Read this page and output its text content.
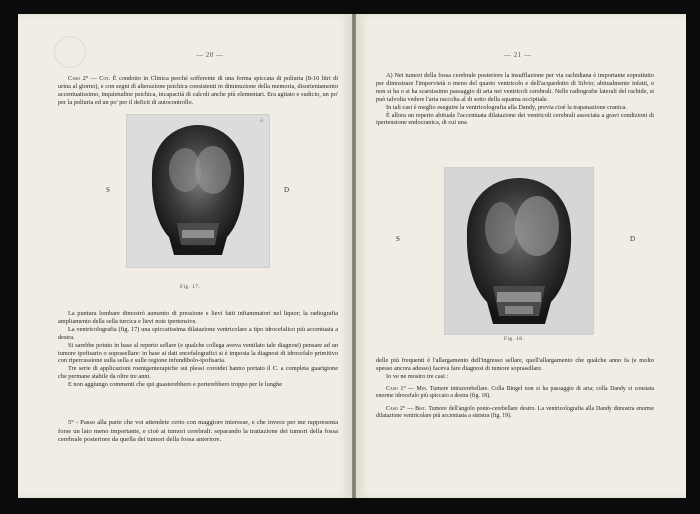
— 20 —

Caso 2° — Cot. È condotto in Clinica perchè sofferente di una forma spiccata di poliuria (8-10 litri di urina al giorno), e con segni di alterazione psichica consistenti in diminuzione della memoria, disorientamento accentuatissimo, inquietudine psichica, incapacità di calcoli anche più elementari. Era agitato e sudicio, un po' per la poliuria ed un po' per il deficit di autocontrollo.

ii
S	D
Fig. 17.

La puntura lombare dimostrò aumento di pressione e lievi fatti infiammatori nel liquor; la radiografia ampliamento della sella turcica e lievi note ipertensive.

La ventricolografia (fig. 17) una spiccatissima dilatazione ventricolare a tipo idrocefalico più accentuata a destra.

Si sarebbe potuto in base al reperto sellare (e qualche collega aveva ventilato tale diagnosi) pensare ad un tumore ipofisario o soprasellare: in base ai dati encefalografici si è imposta la diagnosi di idrocefalo primitivo con ripercussione sulla sella e sulle regione infundibolo-ipofisaria.

Tre serie di applicazioni roentgenterapiche sui plessi coroidei hanno portato il C. a completa guarigione che permane stabile da oltre tre anni.

E non aggiungo commenti che qui guasterebbero e porterebbero troppo per le lunghe

5° - Passo alla parte che voi attendete certo con maggiore interesse, e che invece per me rappresenta forse un lato meno importante, e cioè ai tumori cerebrali: separando la trattazione dei tumori della fossa cerebrale posteriore da quella dei tumori della fossa anteriore.

— 21 —

A) Nei tumori della fossa cerebrale posteriore la insufflazione per via rachidiana è importante soprattutto per dimostrare l'impervietà o meno del quarto ventricolo e dell'acquedotto di Silvio; abitualmente infatti, o non si ha o si ha scarsissimo passaggio di aria nei ventricoli cerebrali. Nelle radiografie laterali del rachide, si può talvolta vedere l'aria raccolta al di sotto della squama occipitale.

In tali casi è meglio eseguire la ventricolografia alla Dandy, previa cioè la trapanazione cranica.

È allora un reperto abituale l'accentuata dilatazione dei ventricoli cerebrali associata a gravi condizioni di ipertensione endocranica, di cui una

S	D
Fig. 18.

delle più frequenti è l'allargamento dell'ingresso sellare, quell'allargamento che qualche anno fa (e molto spesso ancora adesso) faceva fare diagnosi di tumore soprasellare.

Io ve ne mostro tre casi :

Caso 1° — Min. Tumore intracerebellare. Colla Bingel non si ha passaggio di aria; colla Dandy si constata enorme idrocefalo più spiccato a destra (fig. 18).

Caso 2° — Bist. Tumore dell'angolo ponto-cerebellare destro. La ventricolografia alla Dandy dimostra enorme dilatazione ventricolare più accentuata a sinistra (fig. 19).
